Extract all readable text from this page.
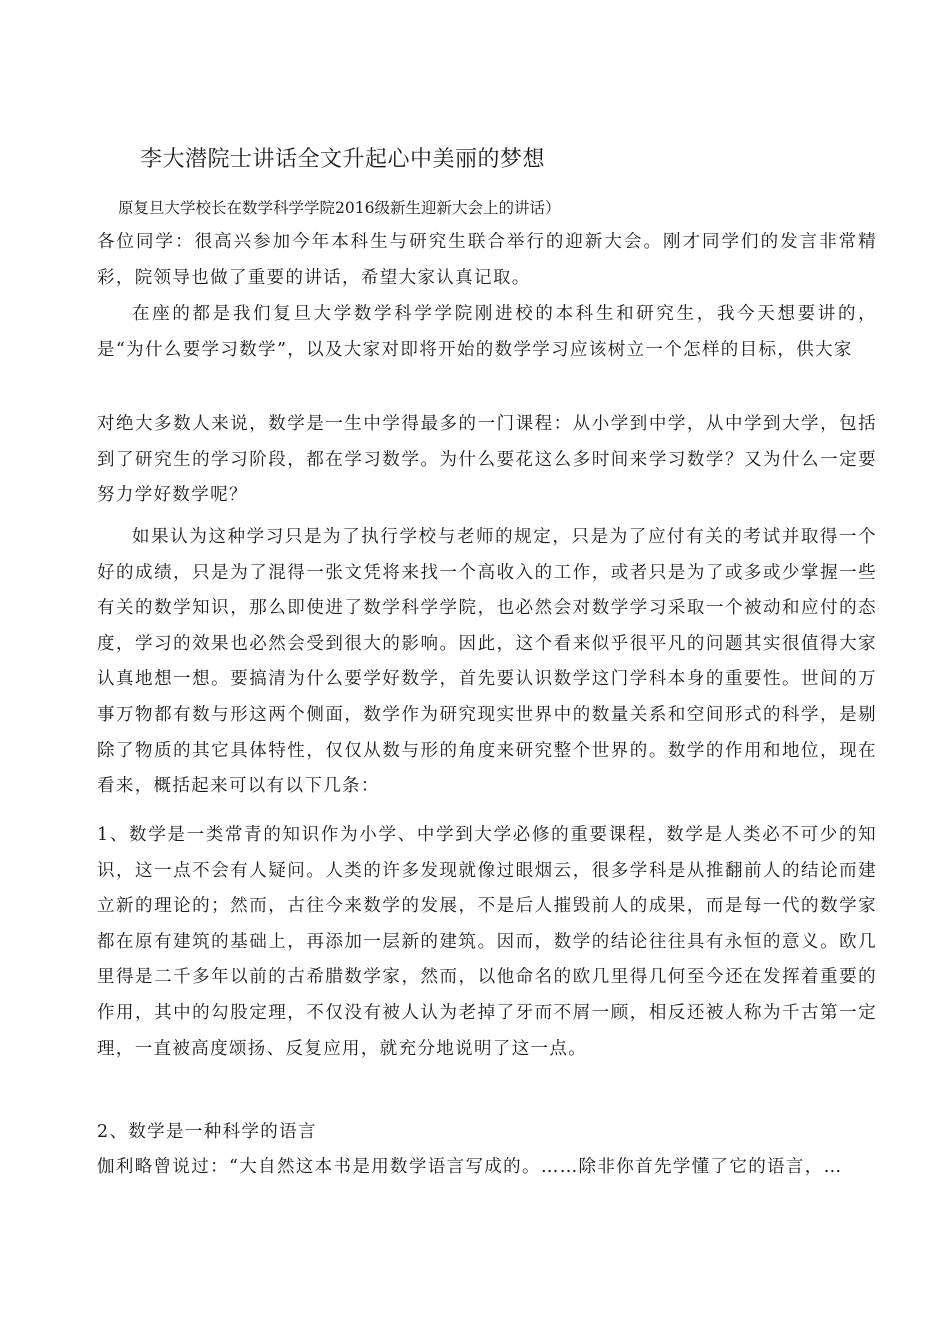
李大潜院士讲话全文升起心中美丽的梦想
原复旦大学校长在数学科学学院2016级新生迎新大会上的讲话）
各位同学：很高兴参加今年本科生与研究生联合举行的迎新大会。刚才同学们的发言非常精彩，院领导也做了重要的讲话，希望大家认真记取。
在座的都是我们复旦大学数学科学学院刚进校的本科生和研究生，我今天想要讲的，是“为什么要学习数学”，以及大家对即将开始的数学学习应该树立一个怎样的目标，供大家
对绝大多数人来说，数学是一生中学得最多的一门课程：从小学到中学，从中学到大学，包括到了研究生的学习阶段，都在学习数学。为什么要花这么多时间来学习数学？又为什么一定要努力学好数学呢？
如果认为这种学习只是为了执行学校与老师的规定，只是为了应付有关的考试并取得一个好的成绩，只是为了混得一张文凭将来找一个高收入的工作，或者只是为了或多或少掌握一些有关的数学知识，那么即使进了数学科学学院，也必然会对数学学习采取一个被动和应付的态度，学习的效果也必然会受到很大的影响。因此，这个看来似乎很平凡的问题其实很值得大家认真地想一想。要搞清为什么要学好数学，首先要认识数学这门学科本身的重要性。世间的万事万物都有数与形这两个侧面，数学作为研究现实世界中的数量关系和空间形式的科学，是剔除了物质的其它具体特性，仅仅从数与形的角度来研究整个世界的。数学的作用和地位，现在看来，概括起来可以有以下几条：
1、数学是一类常青的知识作为小学、中学到大学必修的重要课程，数学是人类必不可少的知识，这一点不会有人疑问。人类的许多发现就像过眼烟云，很多学科是从推翻前人的结论而建立新的理论的；然而，古往今来数学的发展，不是后人摧毁前人的成果，而是每一代的数学家都在原有建筑的基础上，再添加一层新的建筑。因而，数学的结论往往具有永恒的意义。欧几里得是二千多年以前的古希腊数学家，然而，以他命名的欧几里得几何至今还在发挥着重要的作用，其中的勾股定理，不仅没有被人认为老掉了牙而不屑一顾，相反还被人称为千古第一定理，一直被高度颂扬、反复应用，就充分地说明了这一点。
2、数学是一种科学的语言
伽利略曾说过：“大自然这本书是用数学语言写成的。……除非你首先学懂了它的语言，…
